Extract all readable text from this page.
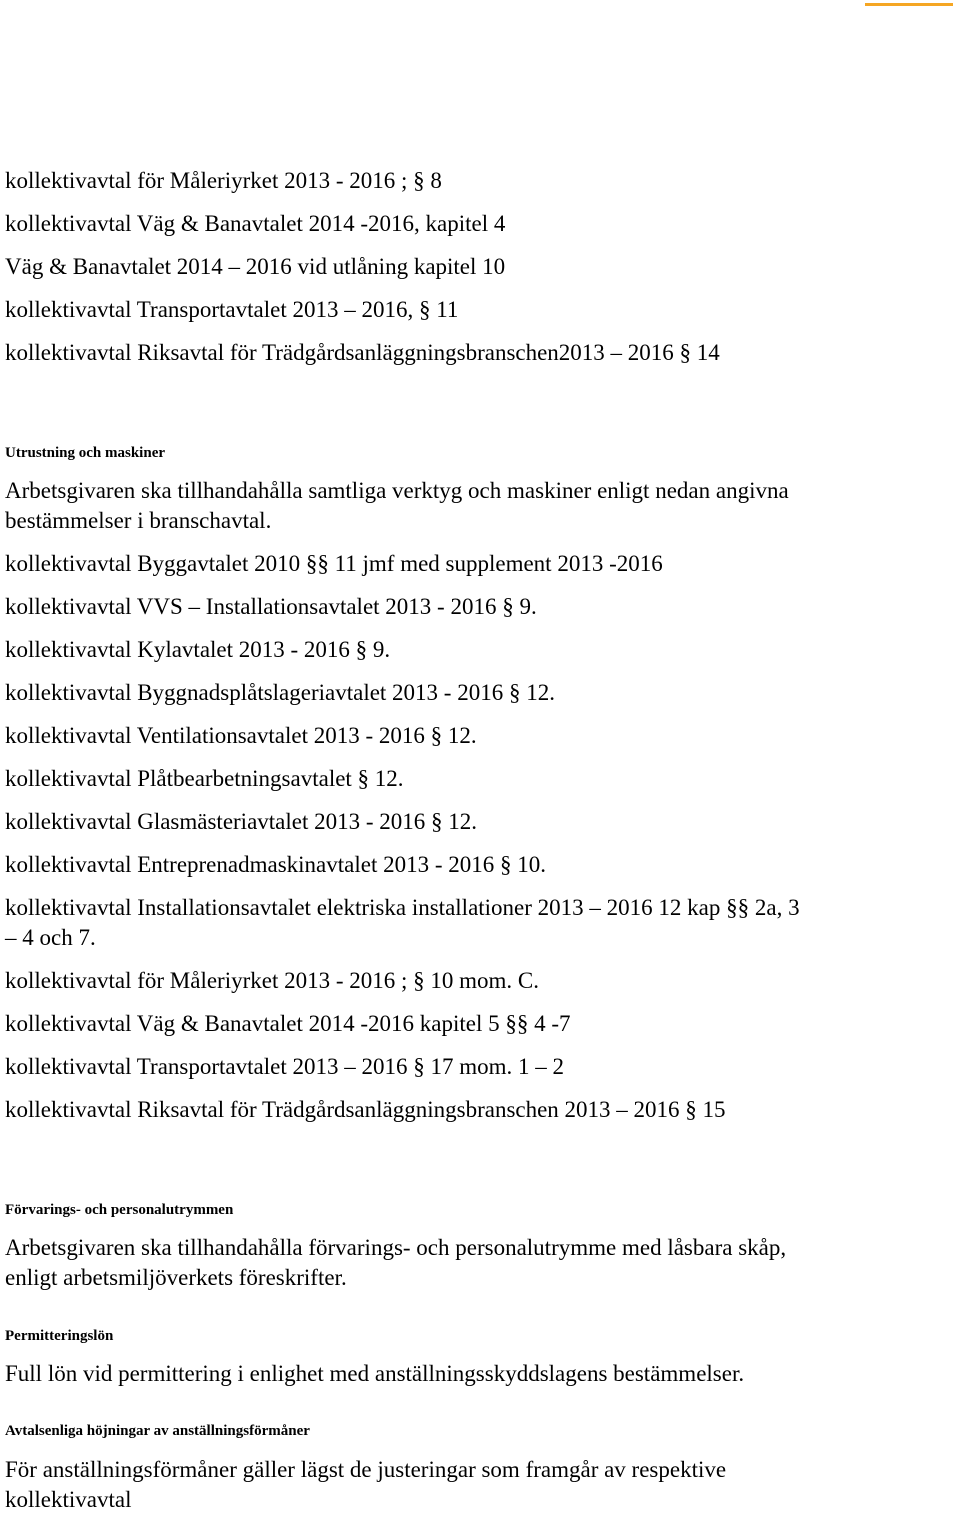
kollektivavtal för Måleriyrket 2013 - 2016 ; § 8

kollektivavtal Väg & Banavtalet 2014 -2016, kapitel 4

Väg & Banavtalet 2014 – 2016 vid utlåning kapitel 10

kollektivavtal Transportavtalet 2013 – 2016, § 11

kollektivavtal Riksavtal för Trädgårdsanläggningsbranschen2013 – 2016 § 14

Utrustning och maskiner

Arbetsgivaren ska tillhandahålla samtliga verktyg och maskiner enligt nedan angivna

bestämmelser i branschavtal.

kollektivavtal Byggavtalet 2010 §§ 11 jmf med supplement 2013 -2016

kollektivavtal VVS – Installationsavtalet 2013 - 2016 § 9.

kollektivavtal Kylavtalet 2013 - 2016 § 9.

kollektivavtal Byggnadsplåtslageriavtalet 2013 - 2016 § 12.

kollektivavtal Ventilationsavtalet 2013 - 2016 § 12.

kollektivavtal Plåtbearbetningsavtalet § 12.

kollektivavtal Glasmästeriavtalet 2013 - 2016 § 12.

kollektivavtal Entreprenadmaskinavtalet 2013 - 2016 § 10.

kollektivavtal Installationsavtalet elektriska installationer 2013 – 2016 12 kap §§ 2a, 3

– 4 och 7.

kollektivavtal för Måleriyrket 2013 - 2016 ; § 10 mom. C.

kollektivavtal Väg & Banavtalet 2014 -2016 kapitel 5 §§ 4 -7

kollektivavtal Transportavtalet 2013 – 2016 § 17 mom. 1 – 2

kollektivavtal Riksavtal för Trädgårdsanläggningsbranschen 2013 – 2016 § 15

Förvarings- och personalutrymmen

Arbetsgivaren ska tillhandahålla förvarings- och personalutrymme med låsbara skåp,

enligt arbetsmiljöverkets föreskrifter.

Permitteringslön

Full lön vid permittering i enlighet med anställningsskyddslagens bestämmelser.

Avtalsenliga höjningar av anställningsförmåner

För anställningsförmåner gäller lägst de justeringar som framgår av respektive

kollektivavtal
